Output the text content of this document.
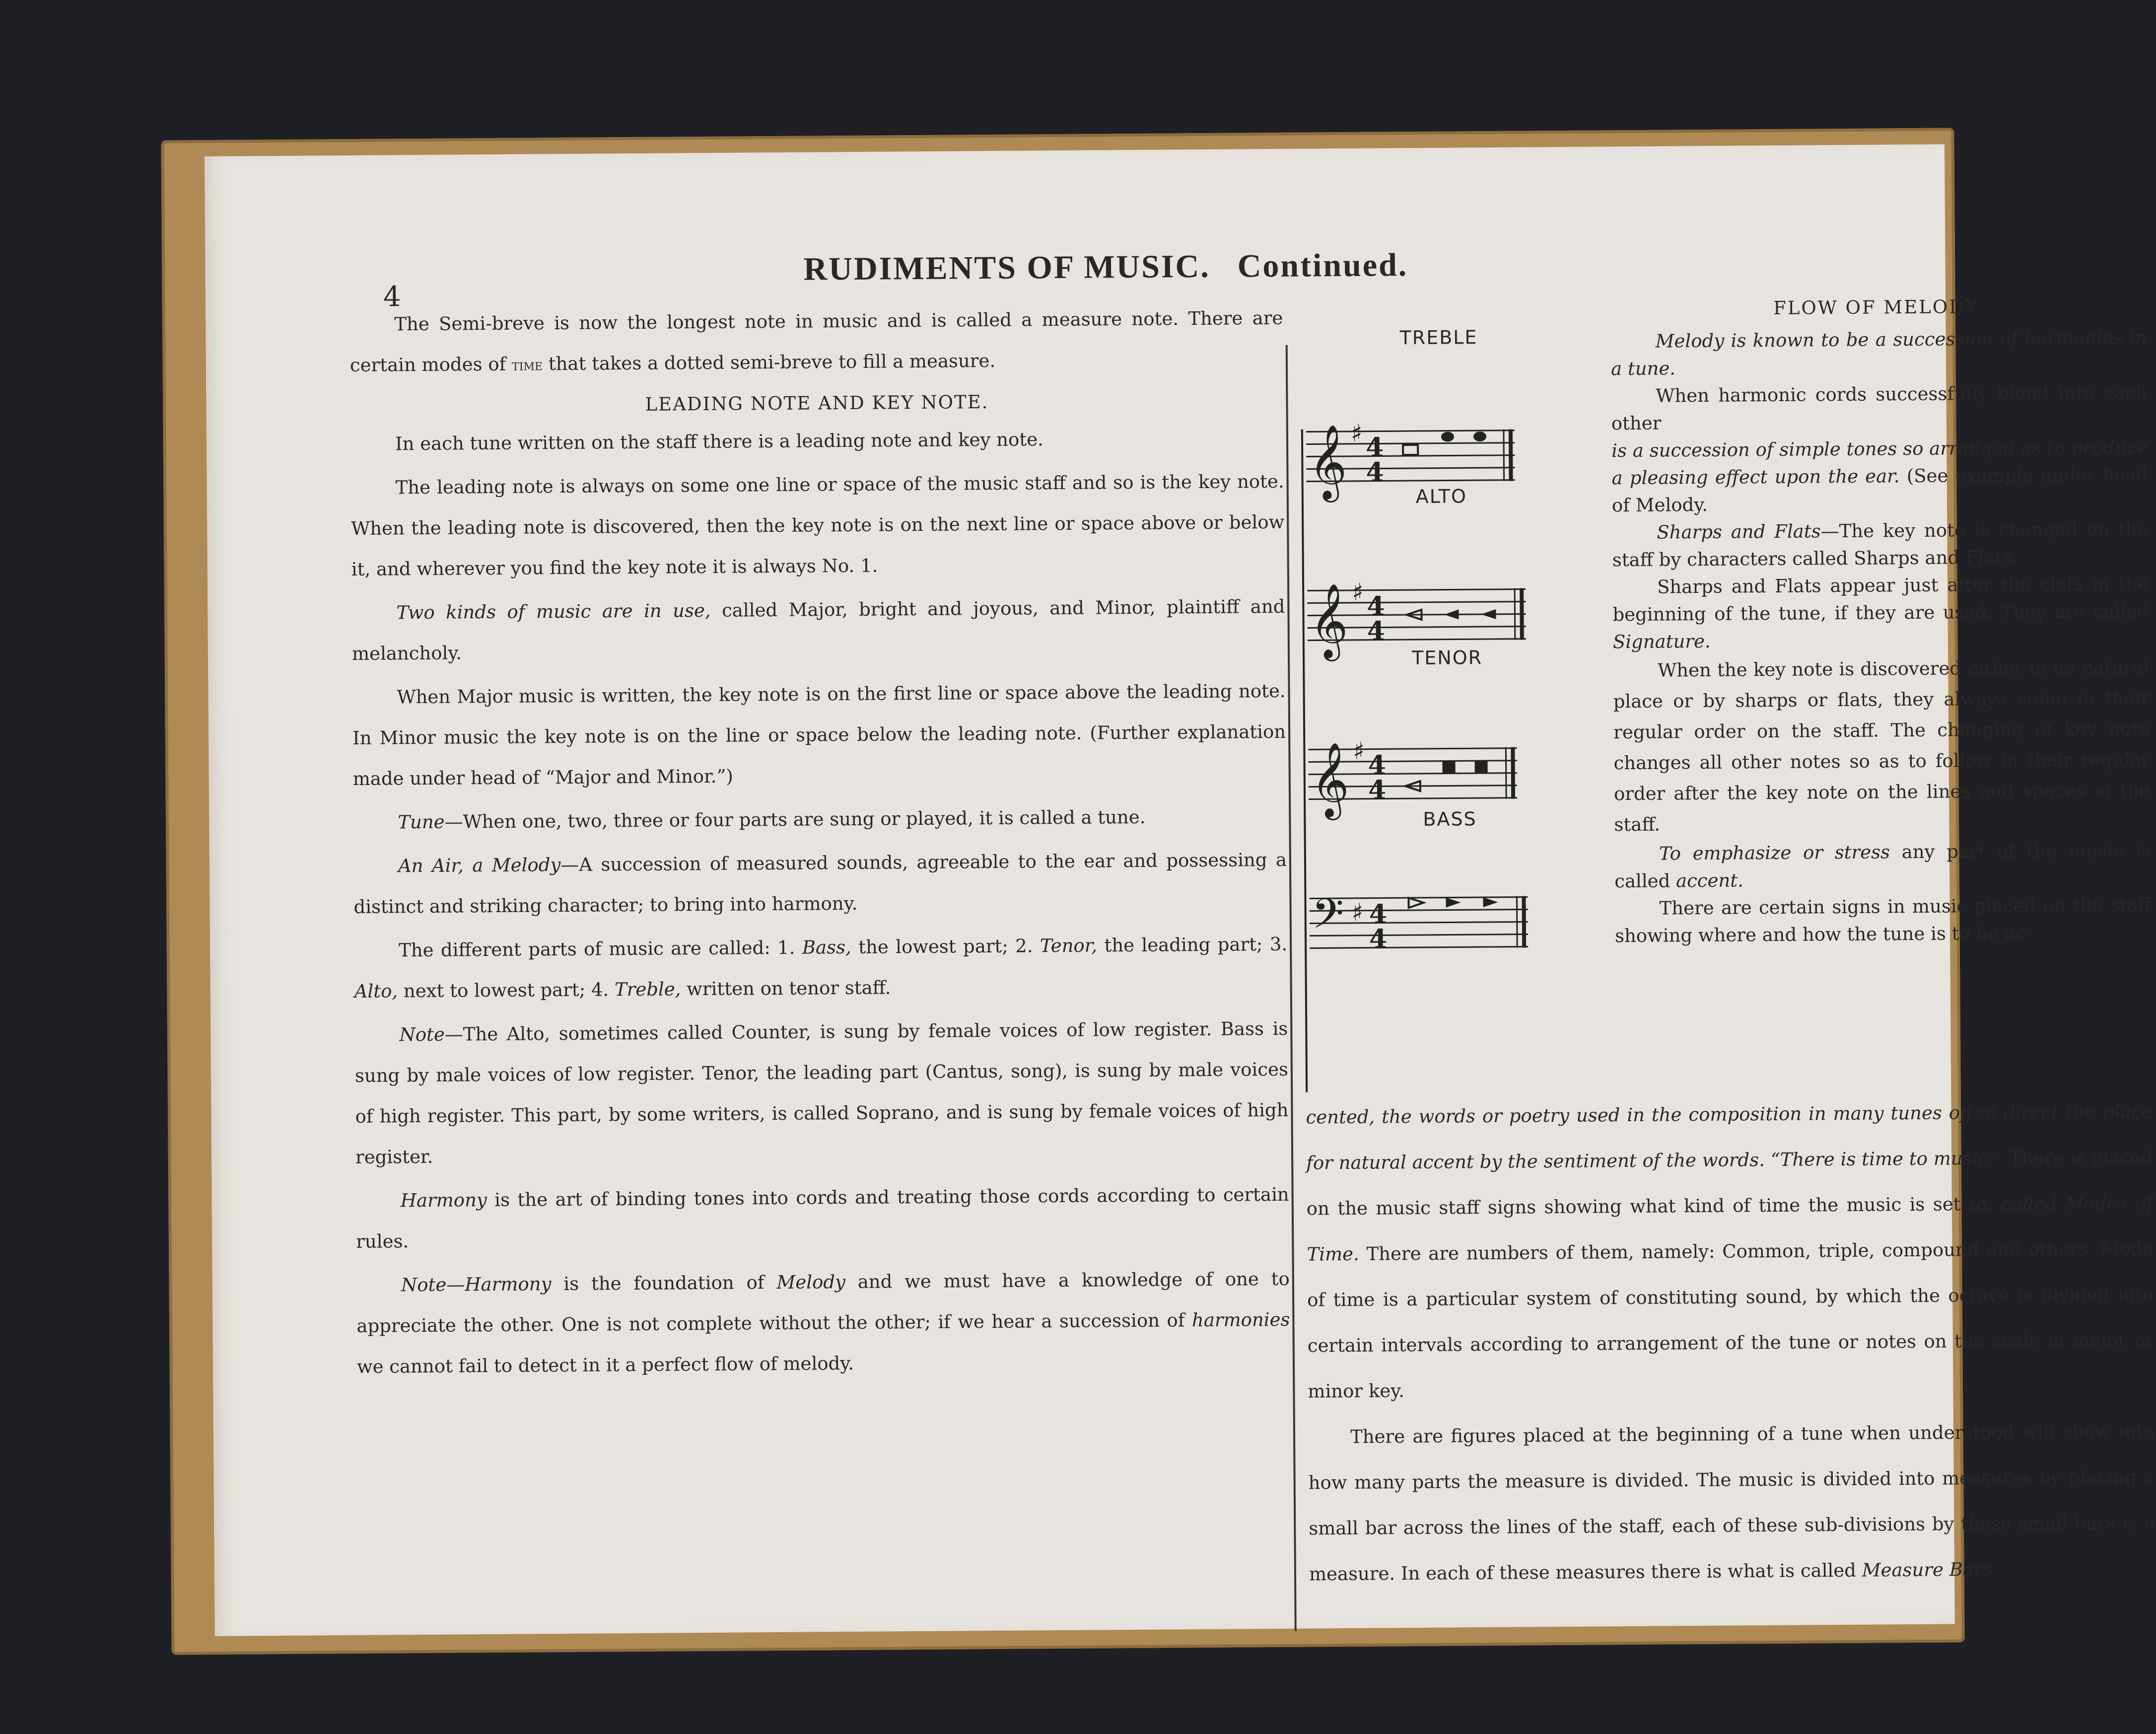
4
RUDIMENTS OF MUSIC. Continued.

The Semi-breve is now the longest note in music and is called a measure note. There are certain modes of time that takes a dotted semi-breve to fill a measure.

LEADING NOTE AND KEY NOTE.

In each tune written on the staff there is a leading note and key note.

The leading note is always on some one line or space of the music staff and so is the key note. When the leading note is discovered, then the key note is on the next line or space above or below it, and wherever you find the key note it is always No. 1.

Two kinds of music are in use, called Major, bright and joyous, and Minor, plaintiff and melancholy.

When Major music is written, the key note is on the first line or space above the leading note. In Minor music the key note is on the line or space below the leading note. (Further explanation made under head of “Major and Minor.”)

Tune—When one, two, three or four parts are sung or played, it is called a tune.

An Air, a Melody—A succession of measured sounds, agreeable to the ear and possessing a distinct and striking character; to bring into harmony.

The different parts of music are called: 1. Bass, the lowest part; 2. Tenor, the leading part; 3. Alto, next to lowest part; 4. Treble, written on tenor staff.

Note—The Alto, sometimes called Counter, is sung by female voices of low register. Bass is sung by male voices of low register. Tenor, the leading part (Cantus, song), is sung by male voices of high register. This part, by some writers, is called Soprano, and is sung by female voices of high register.

Harmony is the art of binding tones into cords and treating those cords according to certain rules.

Note—Harmony is the foundation of Melody and we must have a knowledge of one to appreciate the other. One is not complete without the other; if we hear a succession of harmonies we cannot fail to detect in it a perfect flow of melody.

TREBLE
𝄞 ♯ 4
4
ALTO
𝄞 ♯ 4
4
TENOR
𝄞 ♯ 4
4
BASS
𝄢 ♯ 4
4

FLOW OF MELODY.

Melody is known to be a succession of harmonies in a tune.

When harmonic cords successfully blend into each other

is a succession of simple tones so arranged as to produce a pleasing effect upon the ear. (See example under head of Melody.

Sharps and Flats—The key note is changed on the staff by characters called Sharps and Flats.

Sharps and Flats appear just after the clefs in the beginning of the tune, if they are used. They are called Signature.

When the key note is discovered either in its natural place or by sharps or flats, they always come in their regular order on the staff. The changing of key note changes all other notes so as to follow in their regular order after the key note on the lines and spaces of the staff.

To emphasize or stress any part of the music is called accent.

There are certain signs in music placed on the staff showing where and how the tune is to be ac-

cented, the words or poetry used in the composition in many tunes often direct the place for natural accent by the sentiment of the words. “There is time to music.” There is placed on the music staff signs showing what kind of time the music is set to, called Modes of Time. There are numbers of them, namely: Common, triple, compound and others. Mode of time is a particular system of constituting sound, by which the octave is divided into certain intervals according to arrangement of the tune or notes on the scale in major or minor key.

There are figures placed at the beginning of a tune when understood will show into how many parts the measure is divided. The music is divided into measures by placing a small bar across the lines of the staff, each of these sub-divisions by these small bars is a measure. In each of these measures there is what is called Measure Bars.
